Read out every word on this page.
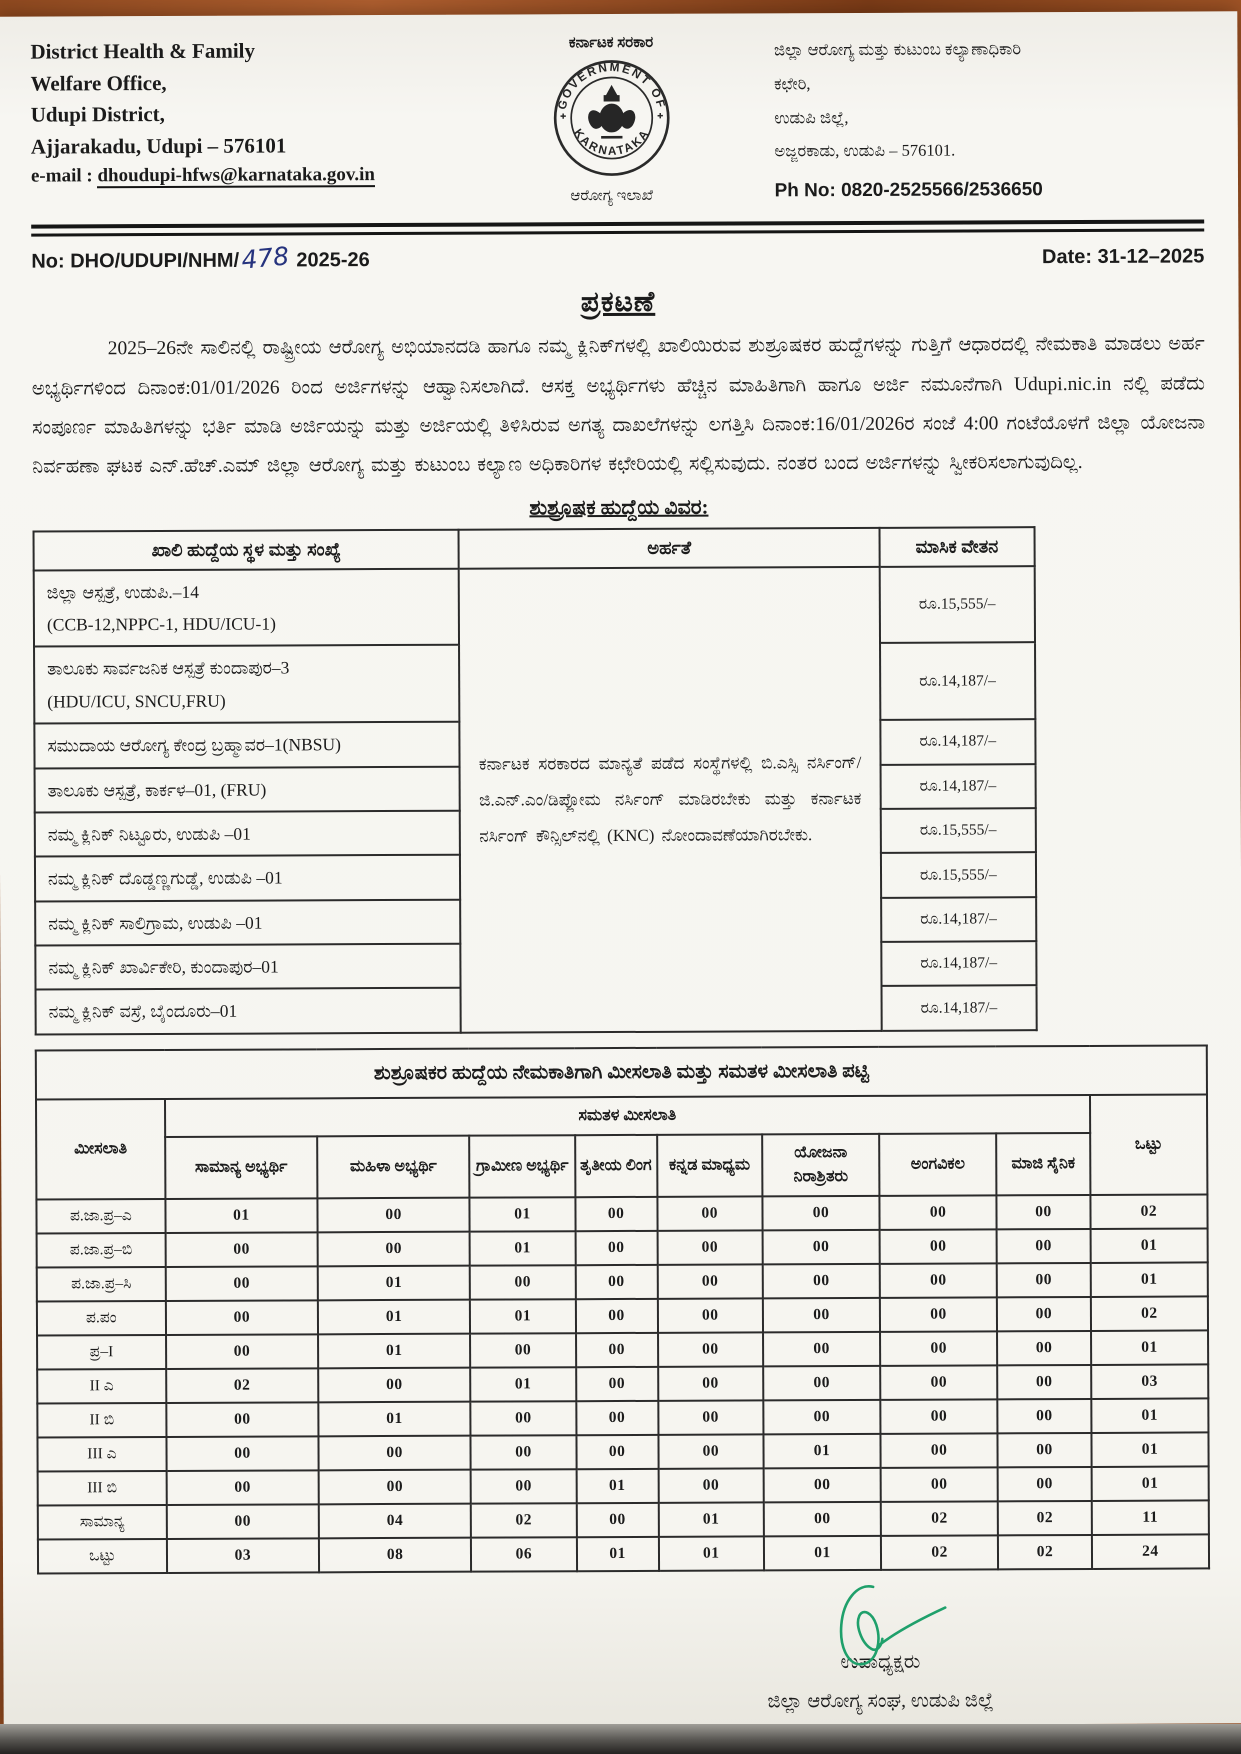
District Health & Family
Welfare Office,
Udupi District,
Ajjarakadu, Udupi – 576101
e-mail : dhoudupi-hfws@karnataka.gov.in
ಕರ್ನಾಟಕ ಸರಕಾರ
GOVERNMENT OF
KARNATAKA
ಆರೋಗ್ಯ ಇಲಾಖೆ
ಜಿಲ್ಲಾ ಆರೋಗ್ಯ ಮತ್ತು ಕುಟುಂಬ ಕಲ್ಯಾಣಾಧಿಕಾರಿ
ಕಛೇರಿ,
ಉಡುಪಿ ಜಿಲ್ಲೆ,
ಅಜ್ಜರಕಾಡು, ಉಡುಪಿ – 576101.
Ph No: 0820-2525566/2536650
No: DHO/UDUPI/NHM/478 2025-26	Date: 31-12–2025
ಪ್ರಕಟಣೆ

2025–26ನೇ ಸಾಲಿನಲ್ಲಿ ರಾಷ್ಟ್ರೀಯ ಆರೋಗ್ಯ ಅಭಿಯಾನದಡಿ ಹಾಗೂ ನಮ್ಮ ಕ್ಲಿನಿಕ್‌ಗಳಲ್ಲಿ ಖಾಲಿಯಿರುವ ಶುಶ್ರೂಷಕರ ಹುದ್ದೆಗಳನ್ನು ಗುತ್ತಿಗೆ ಆಧಾರದಲ್ಲಿ ನೇಮಕಾತಿ ಮಾಡಲು ಅರ್ಹ ಅಭ್ಯರ್ಥಿಗಳಿಂದ ದಿನಾಂಕ:01/01/2026 ರಿಂದ ಅರ್ಜಿಗಳನ್ನು ಆಹ್ವಾನಿಸಲಾಗಿದೆ. ಆಸಕ್ತ ಅಭ್ಯರ್ಥಿಗಳು ಹೆಚ್ಚಿನ ಮಾಹಿತಿಗಾಗಿ ಹಾಗೂ ಅರ್ಜಿ ನಮೂನೆಗಾಗಿ Udupi.nic.in ನಲ್ಲಿ ಪಡೆದು ಸಂಪೂರ್ಣ ಮಾಹಿತಿಗಳನ್ನು ಭರ್ತಿ ಮಾಡಿ ಅರ್ಜಿಯನ್ನು ಮತ್ತು ಅರ್ಜಿಯಲ್ಲಿ ತಿಳಿಸಿರುವ ಅಗತ್ಯ ದಾಖಲೆಗಳನ್ನು ಲಗತ್ತಿಸಿ ದಿನಾಂಕ:16/01/2026ರ ಸಂಜೆ 4:00 ಗಂಟೆಯೊಳಗೆ ಜಿಲ್ಲಾ ಯೋಜನಾ ನಿರ್ವಹಣಾ ಘಟಕ ಎನ್.ಹೆಚ್.ಎಮ್ ಜಿಲ್ಲಾ ಆರೋಗ್ಯ ಮತ್ತು ಕುಟುಂಬ ಕಲ್ಯಾಣ ಅಧಿಕಾರಿಗಳ ಕಛೇರಿಯಲ್ಲಿ ಸಲ್ಲಿಸುವುದು. ನಂತರ ಬಂದ ಅರ್ಜಿಗಳನ್ನು ಸ್ವೀಕರಿಸಲಾಗುವುದಿಲ್ಲ.

ಶುಶ್ರೂಷಕ ಹುದ್ದೆಯ ವಿವರ:
ಖಾಲಿ ಹುದ್ದೆಯ ಸ್ಥಳ ಮತ್ತು ಸಂಖ್ಯೆ	ಅರ್ಹತೆ	ಮಾಸಿಕ ವೇತನ
ಜಿಲ್ಲಾ ಆಸ್ಪತ್ರೆ, ಉಡುಪಿ.–14
(CCB-12,NPPC-1, HDU/ICU-1)	ಕರ್ನಾಟಕ ಸರಕಾರದ ಮಾನ್ಯತೆ ಪಡೆದ ಸಂಸ್ಥೆಗಳಲ್ಲಿ ಬಿ.ಎಸ್ಸಿ ನರ್ಸಿಂಗ್/ಜಿ.ಎನ್.ಎಂ/ಡಿಪ್ಲೋಮ ನರ್ಸಿಂಗ್ ಮಾಡಿರಬೇಕು ಮತ್ತು ಕರ್ನಾಟಕ ನರ್ಸಿಂಗ್ ಕೌನ್ಸಿಲ್‌ನಲ್ಲಿ (KNC) ನೋಂದಾವಣೆಯಾಗಿರಬೇಕು.	ರೂ.15,555/–
ತಾಲೂಕು ಸಾರ್ವಜನಿಕ ಆಸ್ಪತ್ರೆ ಕುಂದಾಪುರ–3
(HDU/ICU, SNCU,FRU)		ರೂ.14,187/–
ಸಮುದಾಯ ಆರೋಗ್ಯ ಕೇಂದ್ರ ಬ್ರಹ್ಮಾವರ–1(NBSU)		ರೂ.14,187/–
ತಾಲೂಕು ಆಸ್ಪತ್ರೆ, ಕಾರ್ಕಳ–01, (FRU)		ರೂ.14,187/–
ನಮ್ಮ ಕ್ಲಿನಿಕ್ ನಿಟ್ಟೂರು, ಉಡುಪಿ –01		ರೂ.15,555/–
ನಮ್ಮ ಕ್ಲಿನಿಕ್ ದೊಡ್ಡಣ್ಣಗುಡ್ಡೆ, ಉಡುಪಿ –01		ರೂ.15,555/–
ನಮ್ಮ ಕ್ಲಿನಿಕ್ ಸಾಲಿಗ್ರಾಮ, ಉಡುಪಿ –01		ರೂ.14,187/–
ನಮ್ಮ ಕ್ಲಿನಿಕ್ ಖಾರ್ವಿಕೇರಿ, ಕುಂದಾಪುರ–01		ರೂ.14,187/–
ನಮ್ಮ ಕ್ಲಿನಿಕ್ ವಸ್ರೆ, ಬೈಂದೂರು–01		ರೂ.14,187/–
ಶುಶ್ರೂಷಕರ ಹುದ್ದೆಯ ನೇಮಕಾತಿಗಾಗಿ ಮೀಸಲಾತಿ ಮತ್ತು ಸಮತಳ ಮೀಸಲಾತಿ ಪಟ್ಟಿ									
ಮೀಸಲಾತಿ	ಸಮತಳ ಮೀಸಲಾತಿ								ಒಟ್ಟು
	ಸಾಮಾನ್ಯ ಅಭ್ಯರ್ಥಿ	ಮಹಿಳಾ ಅಭ್ಯರ್ಥಿ	ಗ್ರಾಮೀಣ ಅಭ್ಯರ್ಥಿ	ತೃತೀಯ ಲಿಂಗ	ಕನ್ನಡ ಮಾಧ್ಯಮ	ಯೋಜನಾ ನಿರಾಶ್ರಿತರು	ಅಂಗವಿಕಲ	ಮಾಜಿ ಸೈನಿಕ	
ಪ.ಜಾ.ಪ್ರ–ಎ	01	00	01	00	00	00	00	00	02
ಪ.ಜಾ.ಪ್ರ–ಬಿ	00	00	01	00	00	00	00	00	01
ಪ.ಜಾ.ಪ್ರ–ಸಿ	00	01	00	00	00	00	00	00	01
ಪ.ಪಂ	00	01	01	00	00	00	00	00	02
ಪ್ರ–I	00	01	00	00	00	00	00	00	01
II ಎ	02	00	01	00	00	00	00	00	03
II ಬಿ	00	01	00	00	00	00	00	00	01
III ಎ	00	00	00	00	00	01	00	00	01
III ಬಿ	00	00	00	01	00	00	00	00	01
ಸಾಮಾನ್ಯ	00	04	02	00	01	00	02	02	11
ಒಟ್ಟು	03	08	06	01	01	01	02	02	24
ಉಪಾಧ್ಯಕ್ಷರು
ಜಿಲ್ಲಾ ಆರೋಗ್ಯ ಸಂಘ, ಉಡುಪಿ ಜಿಲ್ಲೆ
